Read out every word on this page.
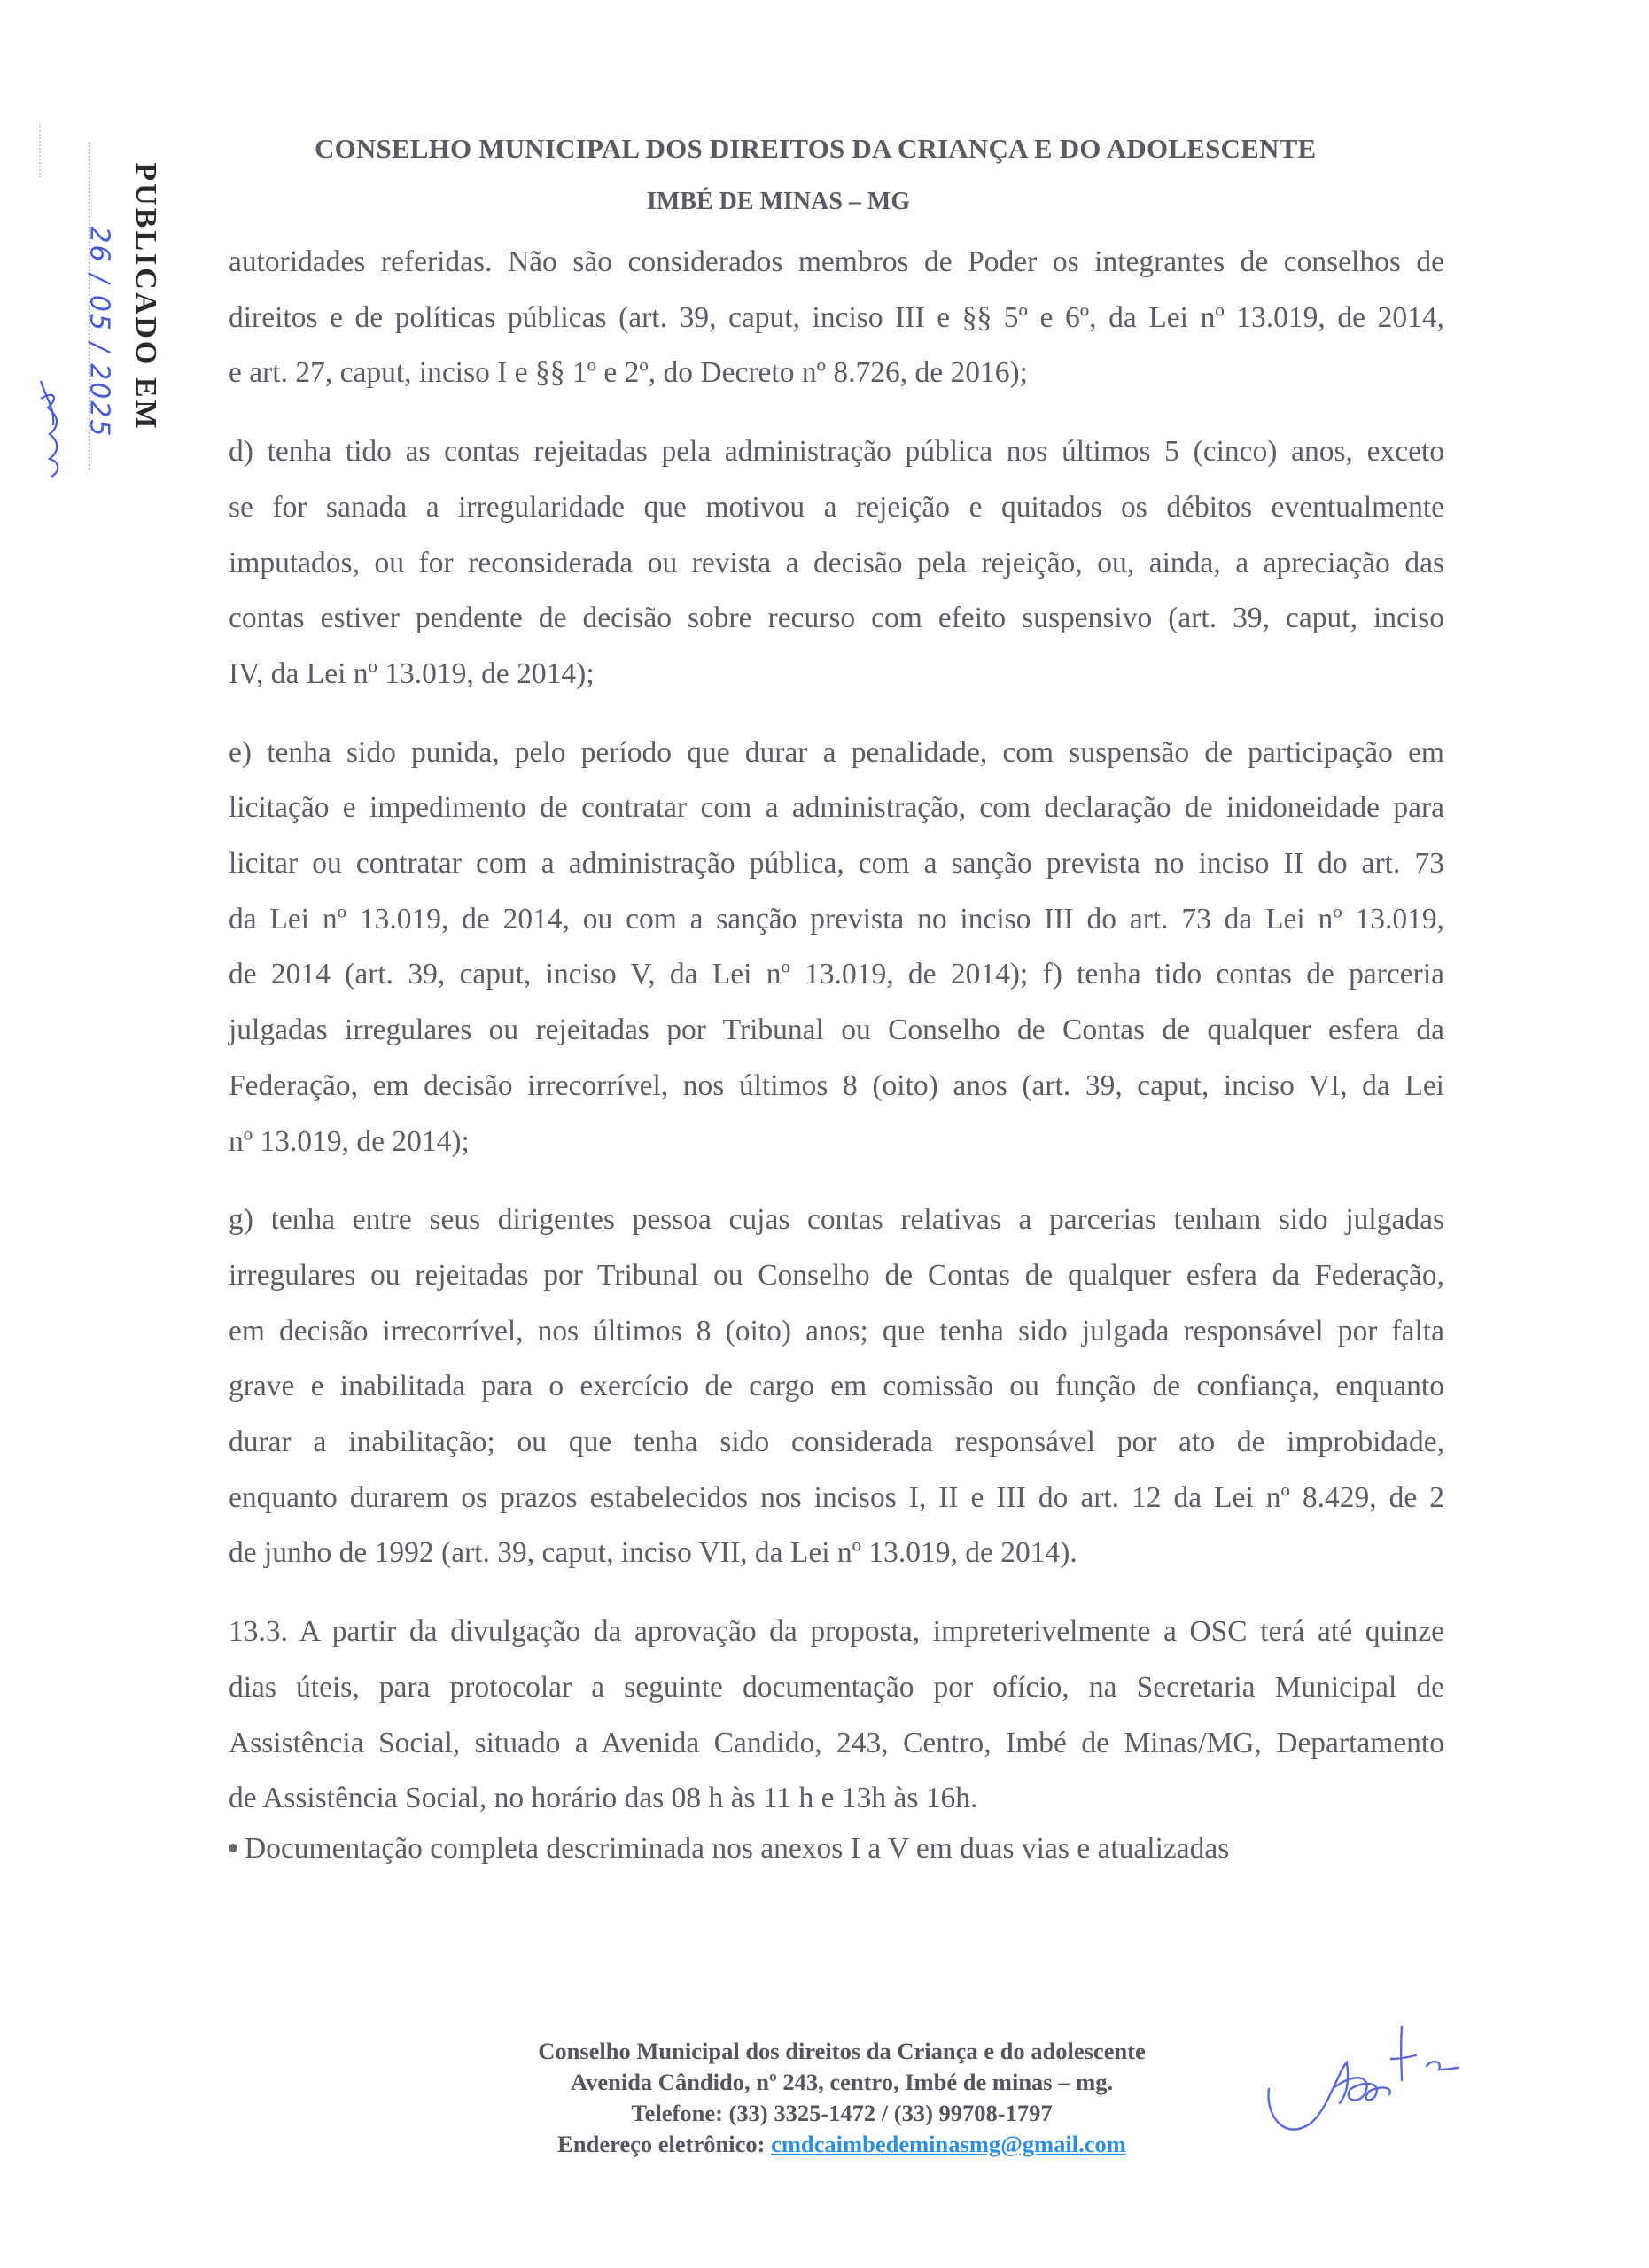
PUBLICADO EM
26 / 05 / 2025
CONSELHO MUNICIPAL DOS DIREITOS DA CRIANÇA E DO ADOLESCENTE
IMBÉ DE MINAS – MG

autoridades referidas. Não são considerados membros de Poder os integrantes de conselhos de
direitos e de políticas públicas (art. 39, caput, inciso III e §§ 5º e 6º, da Lei nº 13.019, de 2014,
e art. 27, caput, inciso I e §§ 1º e 2º, do Decreto nº 8.726, de 2016);

d) tenha tido as contas rejeitadas pela administração pública nos últimos 5 (cinco) anos, exceto
se for sanada a irregularidade que motivou a rejeição e quitados os débitos eventualmente
imputados, ou for reconsiderada ou revista a decisão pela rejeição, ou, ainda, a apreciação das
contas estiver pendente de decisão sobre recurso com efeito suspensivo (art. 39, caput, inciso
IV, da Lei nº 13.019, de 2014);

e) tenha sido punida, pelo período que durar a penalidade, com suspensão de participação em
licitação e impedimento de contratar com a administração, com declaração de inidoneidade para
licitar ou contratar com a administração pública, com a sanção prevista no inciso II do art. 73
da Lei nº 13.019, de 2014, ou com a sanção prevista no inciso III do art. 73 da Lei nº 13.019,
de 2014 (art. 39, caput, inciso V, da Lei nº 13.019, de 2014); f) tenha tido contas de parceria
julgadas irregulares ou rejeitadas por Tribunal ou Conselho de Contas de qualquer esfera da
Federação, em decisão irrecorrível, nos últimos 8 (oito) anos (art. 39, caput, inciso VI, da Lei
nº 13.019, de 2014);

g) tenha entre seus dirigentes pessoa cujas contas relativas a parcerias tenham sido julgadas
irregulares ou rejeitadas por Tribunal ou Conselho de Contas de qualquer esfera da Federação,
em decisão irrecorrível, nos últimos 8 (oito) anos; que tenha sido julgada responsável por falta
grave e inabilitada para o exercício de cargo em comissão ou função de confiança, enquanto
durar a inabilitação; ou que tenha sido considerada responsável por ato de improbidade,
enquanto durarem os prazos estabelecidos nos incisos I, II e III do art. 12 da Lei nº 8.429, de 2
de junho de 1992 (art. 39, caput, inciso VII, da Lei nº 13.019, de 2014).

13.3. A partir da divulgação da aprovação da proposta, impreterivelmente a OSC terá até quinze
dias úteis, para protocolar a seguinte documentação por ofício, na Secretaria Municipal de
Assistência Social, situado a Avenida Candido, 243, Centro, Imbé de Minas/MG, Departamento
de Assistência Social, no horário das 08 h às 11 h e 13h às 16h.

Documentação completa descriminada nos anexos I a V em duas vias e atualizadas
Conselho Municipal dos direitos da Criança e do adolescente
Avenida Cândido, nº 243, centro, Imbé de minas – mg.
Telefone: (33) 3325-1472 / (33) 99708-1797
Endereço eletrônico: cmdcaimbedeminasmg@gmail.com
